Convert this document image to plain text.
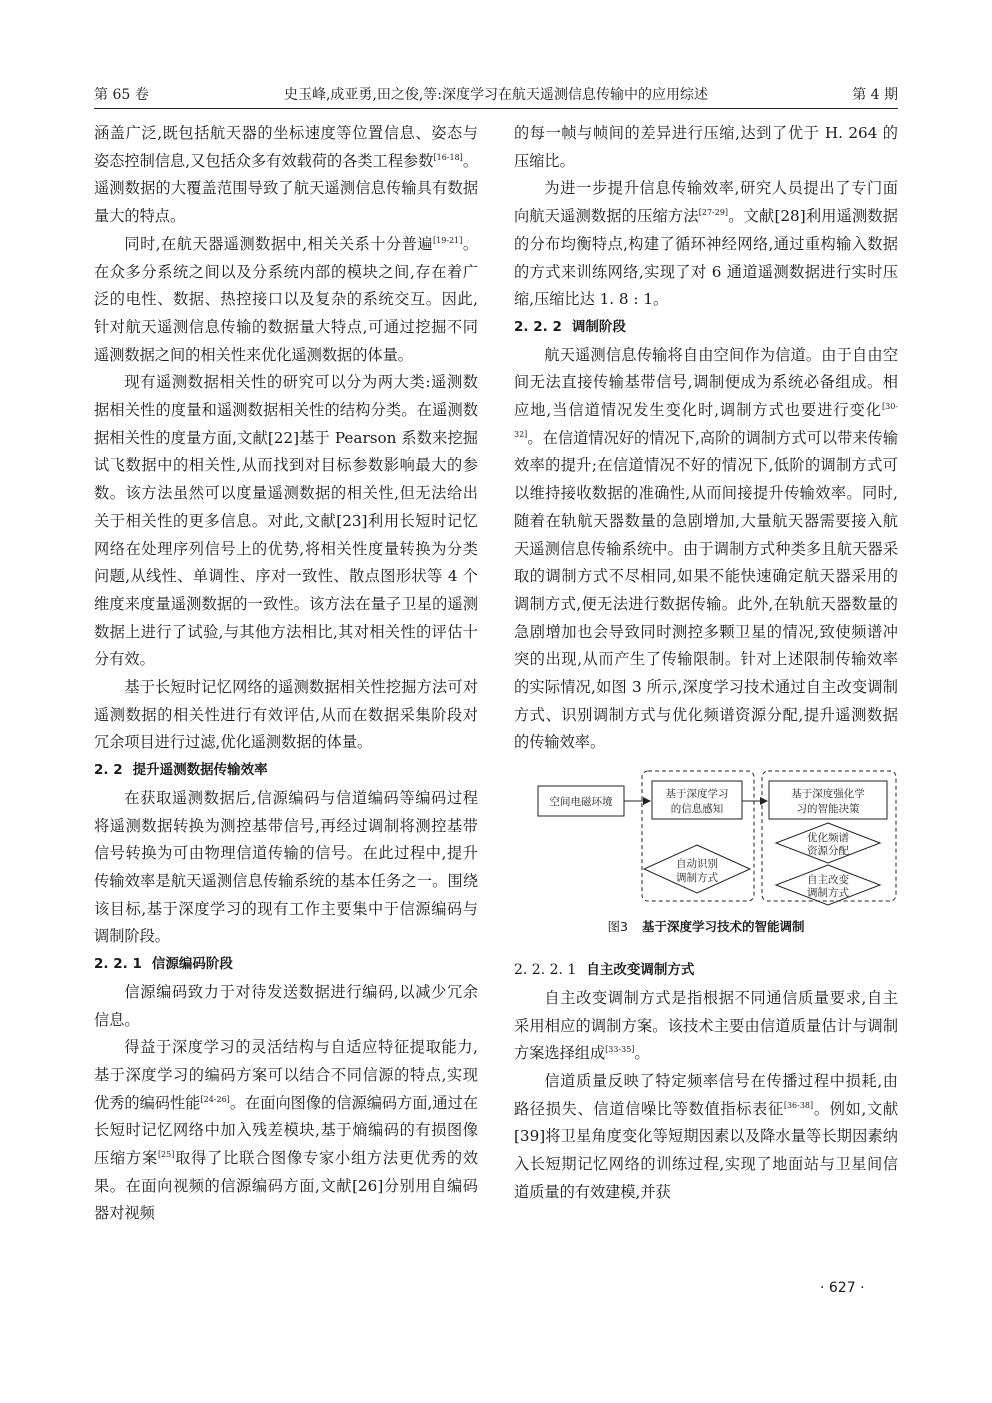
第 65 卷	史玉峰,成亚勇,田之俊,等:深度学习在航天遥测信息传输中的应用综述	第 4 期

涵盖广泛,既包括航天器的坐标速度等位置信息、姿态与姿态控制信息,又包括众多有效载荷的各类工程参数[16-18]。遥测数据的大覆盖范围导致了航天遥测信息传输具有数据量大的特点。

同时,在航天器遥测数据中,相关关系十分普遍[19-21]。在众多分系统之间以及分系统内部的模块之间,存在着广泛的电性、数据、热控接口以及复杂的系统交互。因此,针对航天遥测信息传输的数据量大特点,可通过挖掘不同遥测数据之间的相关性来优化遥测数据的体量。

现有遥测数据相关性的研究可以分为两大类:遥测数据相关性的度量和遥测数据相关性的结构分类。在遥测数据相关性的度量方面,文献[22]基于 Pearson 系数来挖掘试飞数据中的相关性,从而找到对目标参数影响最大的参数。该方法虽然可以度量遥测数据的相关性,但无法给出关于相关性的更多信息。对此,文献[23]利用长短时记忆网络在处理序列信号上的优势,将相关性度量转换为分类问题,从线性、单调性、序对一致性、散点图形状等 4 个维度来度量遥测数据的一致性。该方法在量子卫星的遥测数据上进行了试验,与其他方法相比,其对相关性的评估十分有效。

基于长短时记忆网络的遥测数据相关性挖掘方法可对遥测数据的相关性进行有效评估,从而在数据采集阶段对冗余项目进行过滤,优化遥测数据的体量。

2. 2 提升遥测数据传输效率

在获取遥测数据后,信源编码与信道编码等编码过程将遥测数据转换为测控基带信号,再经过调制将测控基带信号转换为可由物理信道传输的信号。在此过程中,提升传输效率是航天遥测信息传输系统的基本任务之一。围绕该目标,基于深度学习的现有工作主要集中于信源编码与调制阶段。

2. 2. 1 信源编码阶段

信源编码致力于对待发送数据进行编码,以减少冗余信息。

得益于深度学习的灵活结构与自适应特征提取能力,基于深度学习的编码方案可以结合不同信源的特点,实现优秀的编码性能[24-26]。在面向图像的信源编码方面,通过在长短时记忆网络中加入残差模块,基于熵编码的有损图像压缩方案[25]取得了比联合图像专家小组方法更优秀的效果。在面向视频的信源编码方面,文献[26]分别用自编码器对视频

的每一帧与帧间的差异进行压缩,达到了优于 H. 264 的压缩比。

为进一步提升信息传输效率,研究人员提出了专门面向航天遥测数据的压缩方法[27-29]。文献[28]利用遥测数据的分布均衡特点,构建了循环神经网络,通过重构输入数据的方式来训练网络,实现了对 6 通道遥测数据进行实时压缩,压缩比达 1. 8 : 1。

2. 2. 2 调制阶段

航天遥测信息传输将自由空间作为信道。由于自由空间无法直接传输基带信号,调制便成为系统必备组成。相应地,当信道情况发生变化时,调制方式也要进行变化[30-32]。在信道情况好的情况下,高阶的调制方式可以带来传输效率的提升;在信道情况不好的情况下,低阶的调制方式可以维持接收数据的准确性,从而间接提升传输效率。同时,随着在轨航天器数量的急剧增加,大量航天器需要接入航天遥测信息传输系统中。由于调制方式种类多且航天器采取的调制方式不尽相同,如果不能快速确定航天器采用的调制方式,便无法进行数据传输。此外,在轨航天器数量的急剧增加也会导致同时测控多颗卫星的情况,致使频谱冲突的出现,从而产生了传输限制。针对上述限制传输效率的实际情况,如图 3 所示,深度学习技术通过自主改变调制方式、识别调制方式与优化频谱资源分配,提升遥测数据的传输效率。

空间电磁环境
基于深度学习
的信息感知
基于深度强化学
习的智能决策
自动识别
调制方式
优化频谱
资源分配
自主改变
调制方式
图3 基于深度学习技术的智能调制
2. 2. 2. 1 自主改变调制方式

自主改变调制方式是指根据不同通信质量要求,自主采用相应的调制方案。该技术主要由信道质量估计与调制方案选择组成[33-35]。

信道质量反映了特定频率信号在传播过程中损耗,由路径损失、信道信噪比等数值指标表征[36-38]。例如,文献[39]将卫星角度变化等短期因素以及降水量等长期因素纳入长短期记忆网络的训练过程,实现了地面站与卫星间信道质量的有效建模,并获

· 627 ·
